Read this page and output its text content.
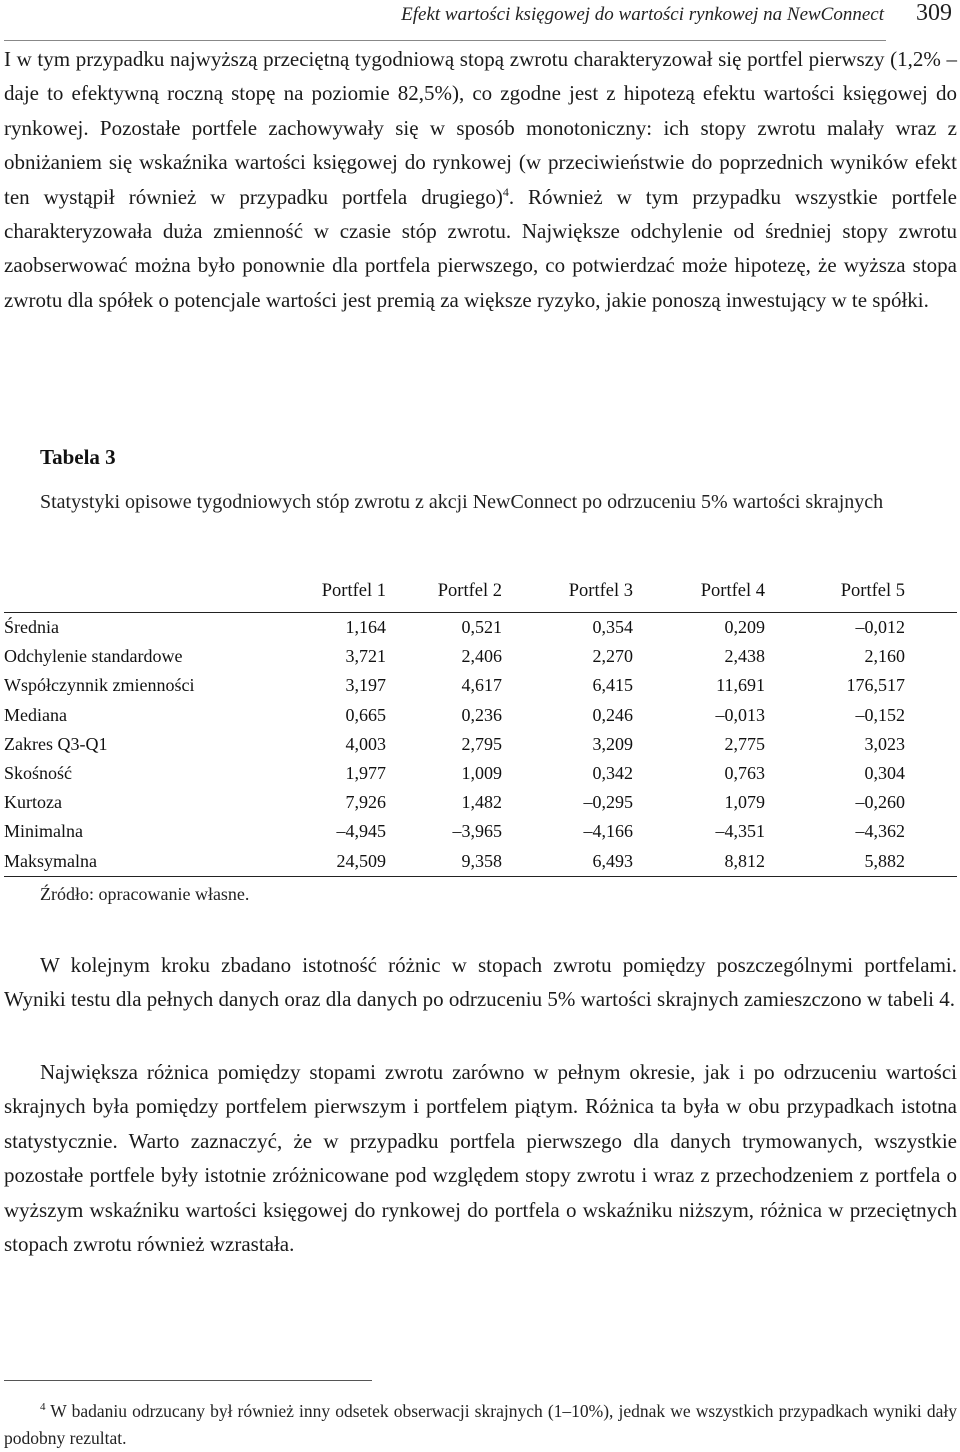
Efekt wartości księgowej do wartości rynkowej na NewConnect 309

I w tym przypadku najwyższą przeciętną tygodniową stopą zwrotu charakteryzował się portfel pierwszy (1,2% – daje to efektywną roczną stopę na poziomie 82,5%), co zgodne jest z hipotezą efektu wartości księgowej do rynkowej. Pozostałe portfele zachowywały się w sposób monotoniczny: ich stopy zwrotu malały wraz z obniżaniem się wskaźnika wartości księgowej do rynkowej (w przeciwieństwie do poprzednich wyników efekt ten wystąpił również w przypadku portfela drugiego)$^4$. Również w tym przypadku wszystkie portfele charakteryzowała duża zmienność w czasie stóp zwrotu. Największe odchylenie od średniej stopy zwrotu zaobserwować można było ponownie dla portfela pierwszego, co potwierdzać może hipotezę, że wyższa stopa zwrotu dla spółek o potencjale wartości jest premią za większe ryzyko, jakie ponoszą inwestujący w te spółki.

Tabela 3
Statystyki opisowe tygodniowych stóp zwrotu z akcji NewConnect po odrzuceniu 5% wartości skrajnych
	Portfel 1	Portfel 2	Portfel 3	Portfel 4	Portfel 5
Średnia	1,164	0,521	0,354	0,209	–0,012
Odchylenie standardowe	3,721	2,406	2,270	2,438	2,160
Współczynnik zmienności	3,197	4,617	6,415	11,691	176,517
Mediana	0,665	0,236	0,246	–0,013	–0,152
Zakres Q3-Q1	4,003	2,795	3,209	2,775	3,023
Skośność	1,977	1,009	0,342	0,763	0,304
Kurtoza	7,926	1,482	–0,295	1,079	–0,260
Minimalna	–4,945	–3,965	–4,166	–4,351	–4,362
Maksymalna	24,509	9,358	6,493	8,812	5,882
Źródło: opracowanie własne.

W kolejnym kroku zbadano istotność różnic w stopach zwrotu pomiędzy poszczególnymi portfelami. Wyniki testu dla pełnych danych oraz dla danych po odrzuceniu 5% wartości skrajnych zamieszczono w tabeli 4.

Największa różnica pomiędzy stopami zwrotu zarówno w pełnym okresie, jak i po odrzuceniu wartości skrajnych była pomiędzy portfelem pierwszym i portfelem piątym. Różnica ta była w obu przypadkach istotna statystycznie. Warto zaznaczyć, że w przypadku portfela pierwszego dla danych trymowanych, wszystkie pozostałe portfele były istotnie zróżnicowane pod względem stopy zwrotu i wraz z przechodzeniem z portfela o wyższym wskaźniku wartości księgowej do rynkowej do portfela o wskaźniku niższym, różnica w przeciętnych stopach zwrotu również wzrastała.

$^4$ W badaniu odrzucany był również inny odsetek obserwacji skrajnych (1–10%), jednak we wszystkich przypadkach wyniki dały podobny rezultat.
